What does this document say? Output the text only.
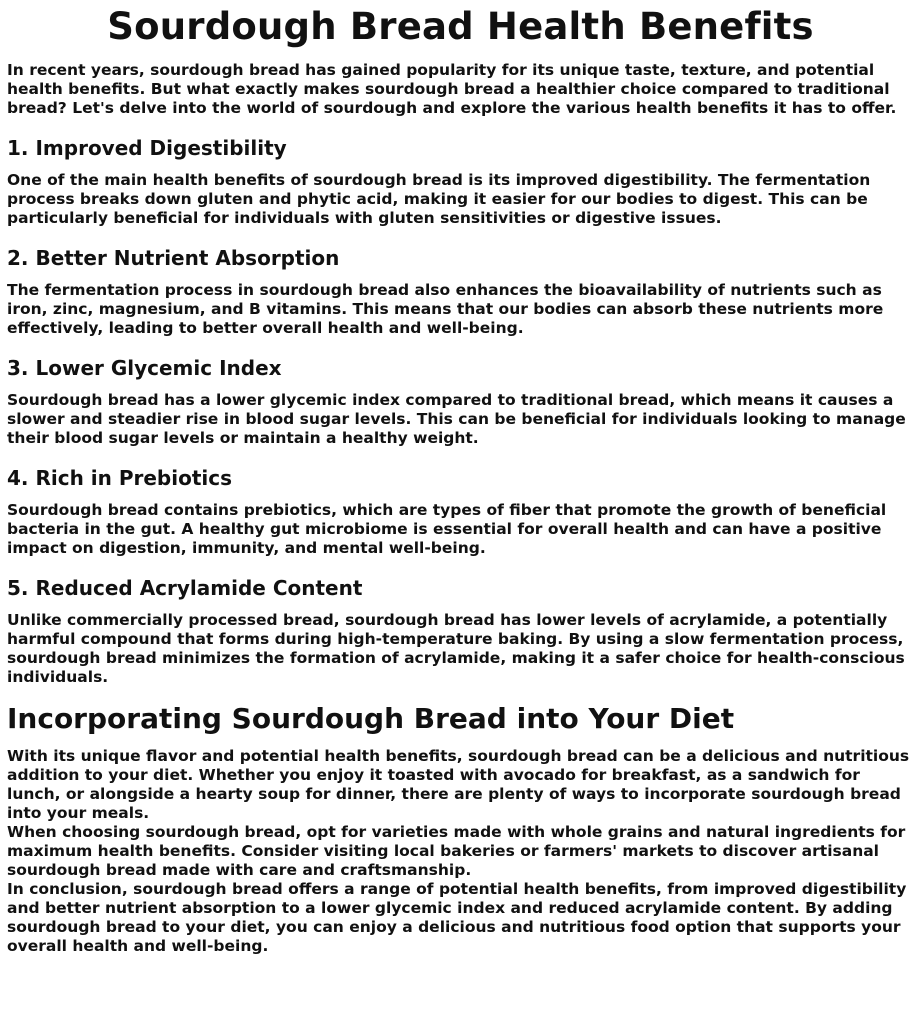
Sourdough Bread Health Benefits

In recent years, sourdough bread has gained popularity for its unique taste, texture, and potential health benefits. But what exactly makes sourdough bread a healthier choice compared to traditional bread? Let's delve into the world of sourdough and explore the various health benefits it has to offer.

1. Improved Digestibility

One of the main health benefits of sourdough bread is its improved digestibility. The fermentation process breaks down gluten and phytic acid, making it easier for our bodies to digest. This can be particularly beneficial for individuals with gluten sensitivities or digestive issues.

2. Better Nutrient Absorption

The fermentation process in sourdough bread also enhances the bioavailability of nutrients such as iron, zinc, magnesium, and B vitamins. This means that our bodies can absorb these nutrients more effectively, leading to better overall health and well-being.

3. Lower Glycemic Index

Sourdough bread has a lower glycemic index compared to traditional bread, which means it causes a slower and steadier rise in blood sugar levels. This can be beneficial for individuals looking to manage their blood sugar levels or maintain a healthy weight.

4. Rich in Prebiotics

Sourdough bread contains prebiotics, which are types of fiber that promote the growth of beneficial bacteria in the gut. A healthy gut microbiome is essential for overall health and can have a positive impact on digestion, immunity, and mental well-being.

5. Reduced Acrylamide Content

Unlike commercially processed bread, sourdough bread has lower levels of acrylamide, a potentially harmful compound that forms during high-temperature baking. By using a slow fermentation process, sourdough bread minimizes the formation of acrylamide, making it a safer choice for health-conscious individuals.

Incorporating Sourdough Bread into Your Diet

With its unique flavor and potential health benefits, sourdough bread can be a delicious and nutritious addition to your diet. Whether you enjoy it toasted with avocado for breakfast, as a sandwich for lunch, or alongside a hearty soup for dinner, there are plenty of ways to incorporate sourdough bread into your meals.

When choosing sourdough bread, opt for varieties made with whole grains and natural ingredients for maximum health benefits. Consider visiting local bakeries or farmers' markets to discover artisanal sourdough bread made with care and craftsmanship.

In conclusion, sourdough bread offers a range of potential health benefits, from improved digestibility and better nutrient absorption to a lower glycemic index and reduced acrylamide content. By adding sourdough bread to your diet, you can enjoy a delicious and nutritious food option that supports your overall health and well-being.
